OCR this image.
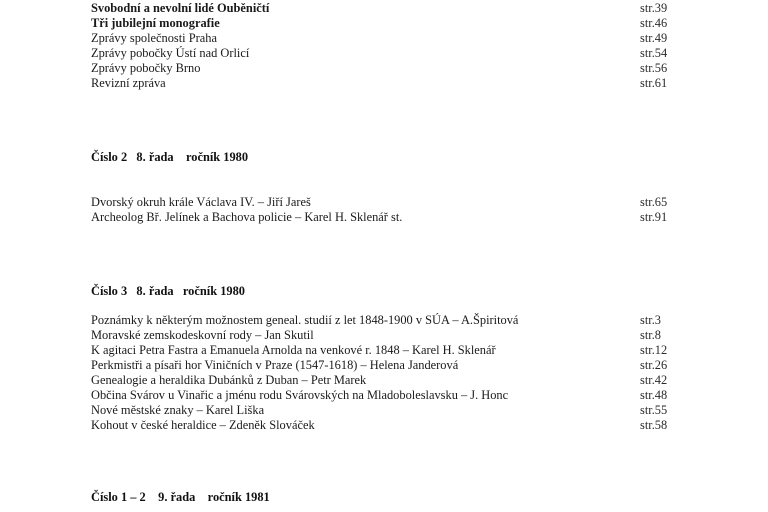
Svobodní a nevolní lidé Ouběničtí	str.39
Tři jubilejní monografie	str.46
Zprávy společnosti Praha	str.49
Zprávy pobočky Ústí nad Orlicí	str.54
Zprávy pobočky Brno	str.56
Revizní zpráva	str.61
Číslo 2   8. řada    ročník 1980
Dvorský okruh krále Václava IV. – Jiří Jareš	str.65
Archeolog Bř. Jelínek a Bachova policie – Karel H. Sklenář st.	str.91
Číslo 3   8. řada   ročník 1980
Poznámky k některým možnostem geneal. studií z let 1848-1900 v SÚA – A.Špiritová	str.3
Moravské zemskodeskovní rody – Jan Skutil	str.8
K agitaci Petra Fastra a Emanuela Arnolda na venkové r. 1848 – Karel H. Sklenář	str.12
Perkmistři a písaři hor Viničních v Praze (1547-1618) – Helena Janderová	str.26
Genealogie a heraldika Dubánků z Duban – Petr Marek	str.42
Občina Svárov u Vinařic a jménu rodu Svárovských na Mladoboleslavsku – J. Honc	str.48
Nové městské znaky – Karel Liška	str.55
Kohout v české heraldice – Zdeněk Slováček	str.58
Číslo 1 – 2    9. řada    ročník 1981
